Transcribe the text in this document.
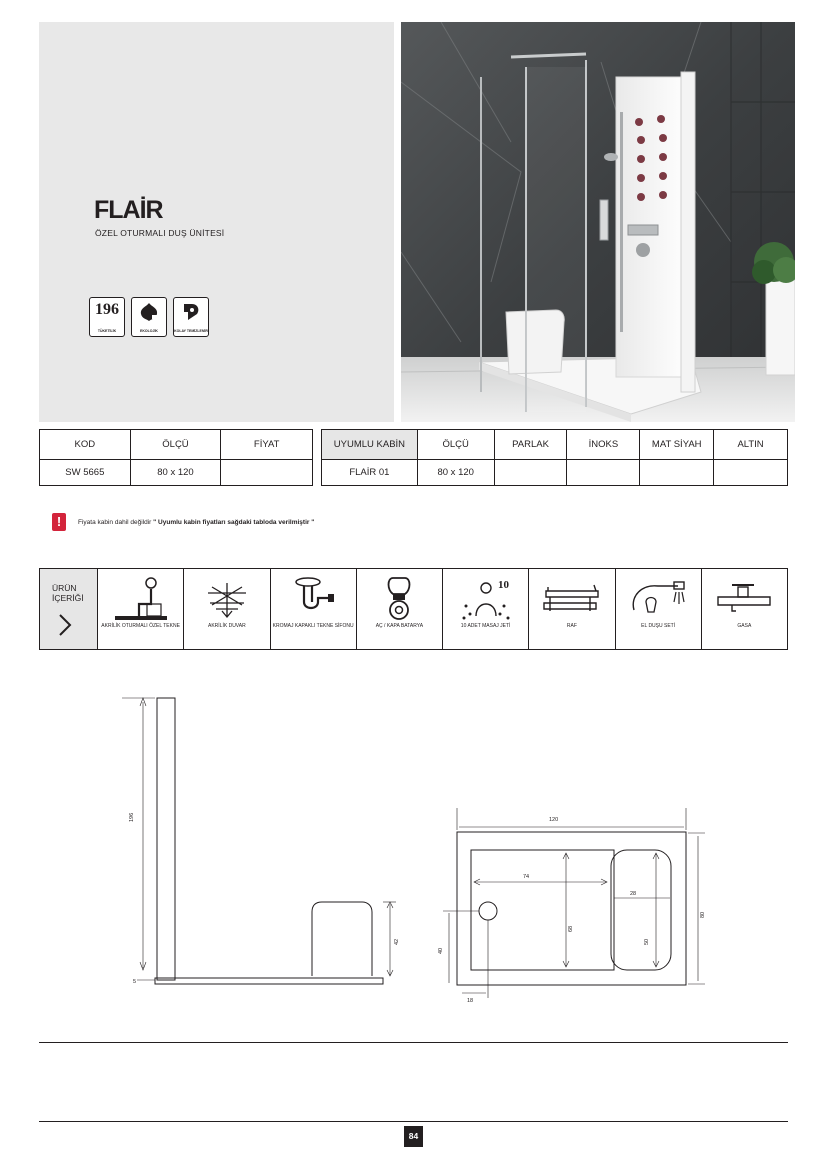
FLAİR
ÖZEL OTURMALI DUŞ ÜNİTESİ
196
TÜKETİLİK	EKOLOJİK	KOLAY TEMİZLENİR
KOD	ÖLÇÜ	FİYAT
SW 5665	80 x 120	
UYUMLU KABİN	ÖLÇÜ	PARLAK	İNOKS	MAT SİYAH	ALTIN
FLAİR 01	80 x 120				
!	Fiyata kabin dahil değildir " Uyumlu kabin fiyatları sağdaki tabloda verilmiştir "
ÜRÜN
İÇERİĞİ
AKRİLİK OTURMALI ÖZEL TEKNE	AKRİLİK DUVAR	KROMAJ KAPAKLI TEKNE SİFONU	AÇ / KAPA BATARYA
10
10 ADET MASAJ JETİ	RAF	EL DUŞU SETİ	GASA
196
5
42
120
80
74
68
28
50
40
18
84
